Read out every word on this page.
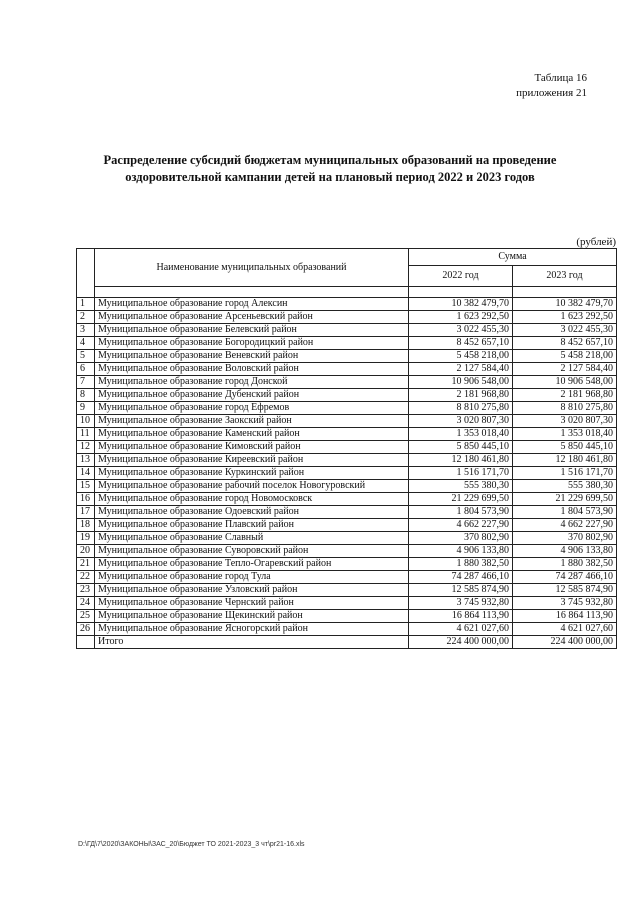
Таблица 16
приложения 21
Распределение субсидий бюджетам муниципальных образований на проведение
оздоровительной кампании детей на плановый период 2022 и 2023 годов
(рублей)
	Наименование муниципальных образований	Сумма	
		2022 год	2023 год

1	Муниципальное образование город Алексин	10 382 479,70	10 382 479,70
2	Муниципальное образование Арсеньевский район	1 623 292,50	1 623 292,50
3	Муниципальное образование Белевский район	3 022 455,30	3 022 455,30
4	Муниципальное образование Богородицкий район	8 452 657,10	8 452 657,10
5	Муниципальное образование Веневский район	5 458 218,00	5 458 218,00
6	Муниципальное образование Воловский район	2 127 584,40	2 127 584,40
7	Муниципальное образование город Донской	10 906 548,00	10 906 548,00
8	Муниципальное образование Дубенский район	2 181 968,80	2 181 968,80
9	Муниципальное образование город Ефремов	8 810 275,80	8 810 275,80
10	Муниципальное образование Заокский район	3 020 807,30	3 020 807,30
11	Муниципальное образование Каменский район	1 353 018,40	1 353 018,40
12	Муниципальное образование Кимовский район	5 850 445,10	5 850 445,10
13	Муниципальное образование Киреевский район	12 180 461,80	12 180 461,80
14	Муниципальное образование Куркинский район	1 516 171,70	1 516 171,70
15	Муниципальное образование рабочий поселок Новогуровский	555 380,30	555 380,30
16	Муниципальное образование город Новомосковск	21 229 699,50	21 229 699,50
17	Муниципальное образование Одоевский район	1 804 573,90	1 804 573,90
18	Муниципальное образование Плавский район	4 662 227,90	4 662 227,90
19	Муниципальное образование Славный	370 802,90	370 802,90
20	Муниципальное образование Суворовский район	4 906 133,80	4 906 133,80
21	Муниципальное образование Тепло-Огаревский район	1 880 382,50	1 880 382,50
22	Муниципальное образование город Тула	74 287 466,10	74 287 466,10
23	Муниципальное образование Узловский район	12 585 874,90	12 585 874,90
24	Муниципальное образование Чернский район	3 745 932,80	3 745 932,80
25	Муниципальное образование Щекинский район	16 864 113,90	16 864 113,90
26	Муниципальное образование Ясногорский район	4 621 027,60	4 621 027,60
	Итого	224 400 000,00	224 400 000,00
D:\ГД\7\2020\ЗАКОНЫ\ЗАС_20\Бюджет ТО 2021-2023_3 чт\pr21-16.xls
